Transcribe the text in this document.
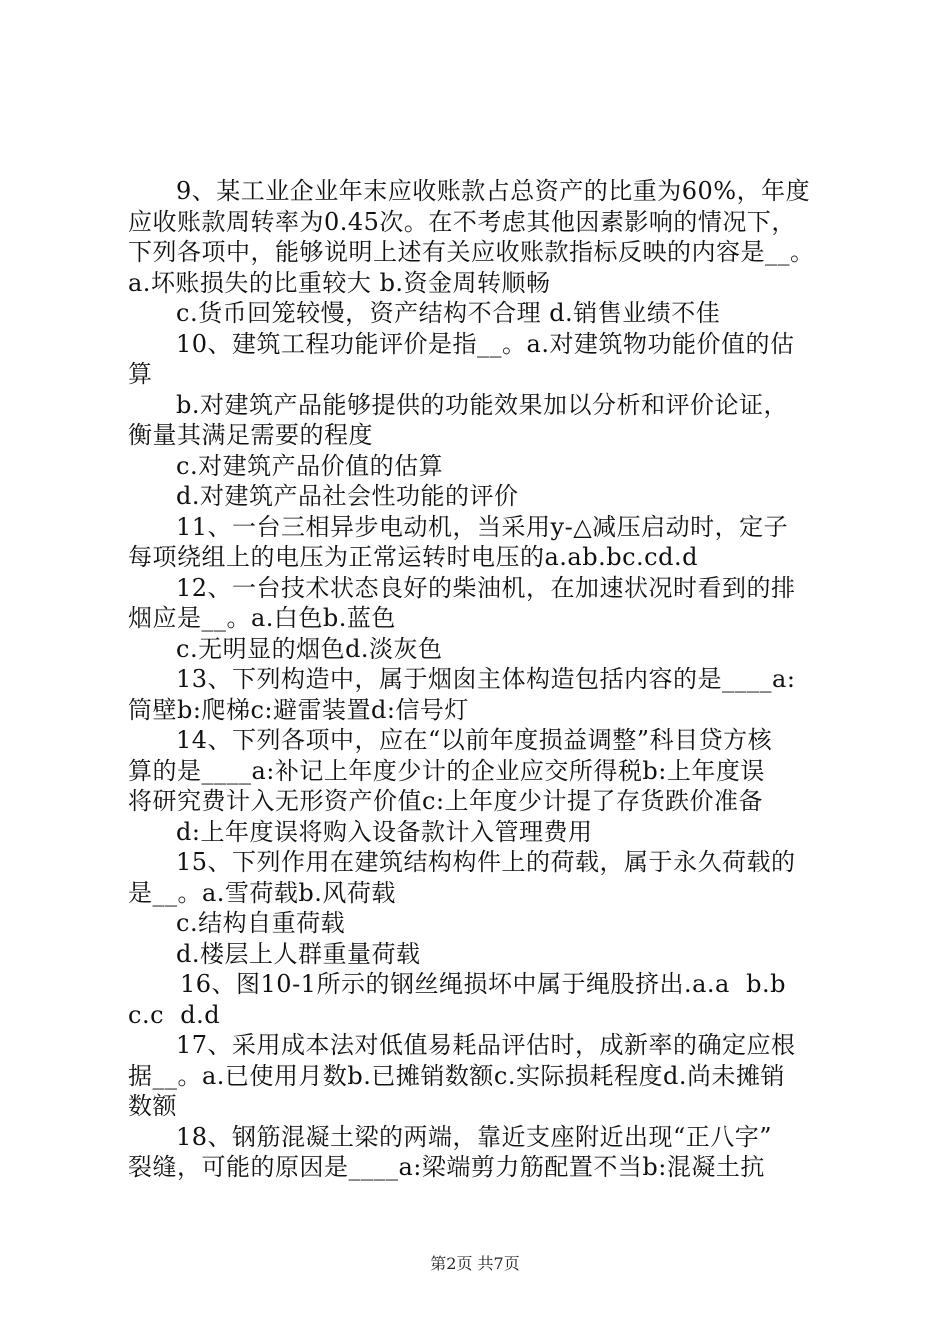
9、某工业企业年末应收账款占总资产的比重为60%，年度
应收账款周转率为0.45次。在不考虑其他因素影响的情况下，
下列各项中，能够说明上述有关应收账款指标反映的内容是__。
a.坏账损失的比重较大 b.资金周转顺畅
c.货币回笼较慢，资产结构不合理 d.销售业绩不佳
10、建筑工程功能评价是指__。a.对建筑物功能价值的估
算
b.对建筑产品能够提供的功能效果加以分析和评价论证，
衡量其满足需要的程度
c.对建筑产品价值的估算
d.对建筑产品社会性功能的评价
11、一台三相异步电动机，当采用y-△减压启动时，定子
每项绕组上的电压为正常运转时电压的a.ab.bc.cd.d
12、一台技术状态良好的柴油机，在加速状况时看到的排
烟应是__。a.白色b.蓝色
c.无明显的烟色d.淡灰色
13、下列构造中，属于烟囱主体构造包括内容的是____a:
筒壁b:爬梯c:避雷装置d:信号灯
14、下列各项中，应在“以前年度损益调整”科目贷方核
算的是____a:补记上年度少计的企业应交所得税b:上年度误
将研究费计入无形资产价值c:上年度少计提了存货跌价准备
d:上年度误将购入设备款计入管理费用
15、下列作用在建筑结构构件上的荷载，属于永久荷载的
是__。a.雪荷载b.风荷载
c.结构自重荷载
d.楼层上人群重量荷载
16、图10-1所示的钢丝绳损坏中属于绳股挤出.a.a  b.b
c.c  d.d
17、采用成本法对低值易耗品评估时，成新率的确定应根
据__。a.已使用月数b.已摊销数额c.实际损耗程度d.尚未摊销
数额
18、钢筋混凝土梁的两端，靠近支座附近出现“正八字”
裂缝，可能的原因是____a:梁端剪力筋配置不当b:混凝土抗
第2页 共7页
